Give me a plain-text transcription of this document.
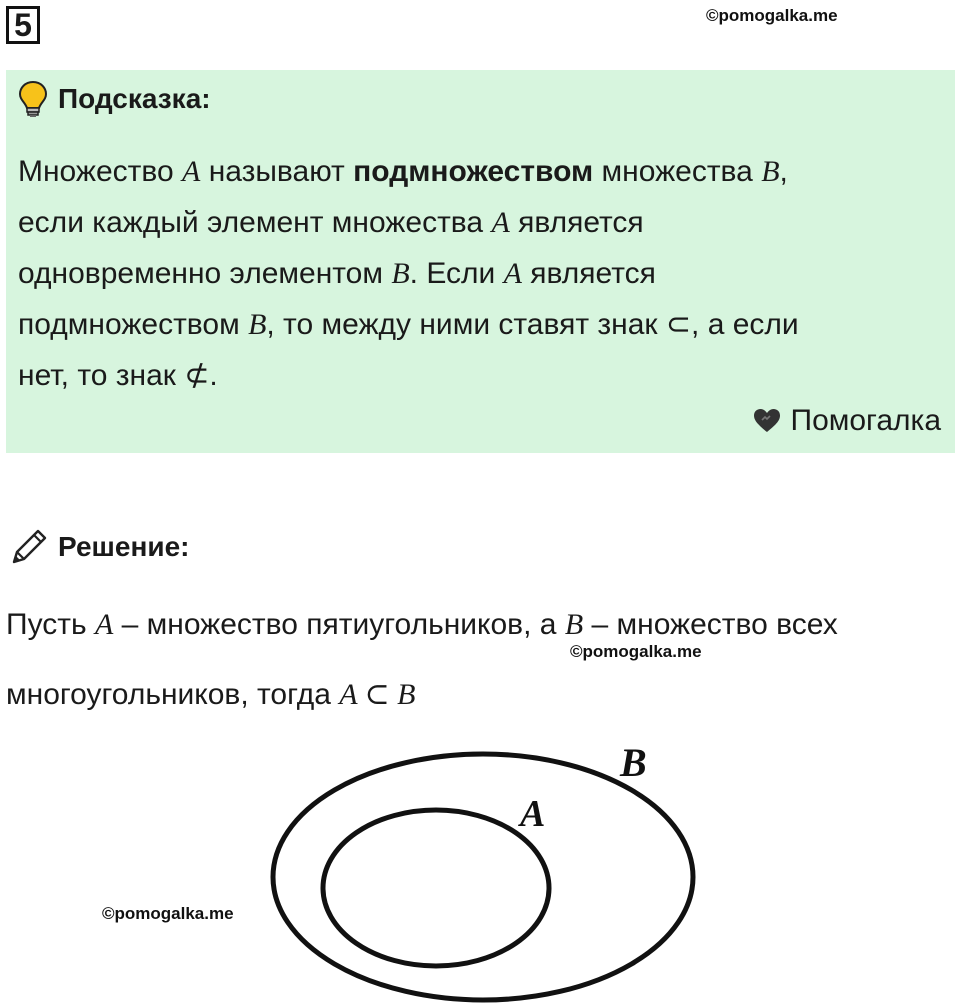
5	©pomogalka.me
Подсказка:
Множество A называют подмножеством множества B,
если каждый элемент множества A является
одновременно элементом B. Если A является
подмножеством B, то между ними ставят знак ⊂, а если
нет, то знак ⊄.
Помогалка
Решение:
Пусть A – множество пятиугольников, а B – множество всех
многоугольников, тогда A ⊂ B
©pomogalka.me
B
A
©pomogalka.me
